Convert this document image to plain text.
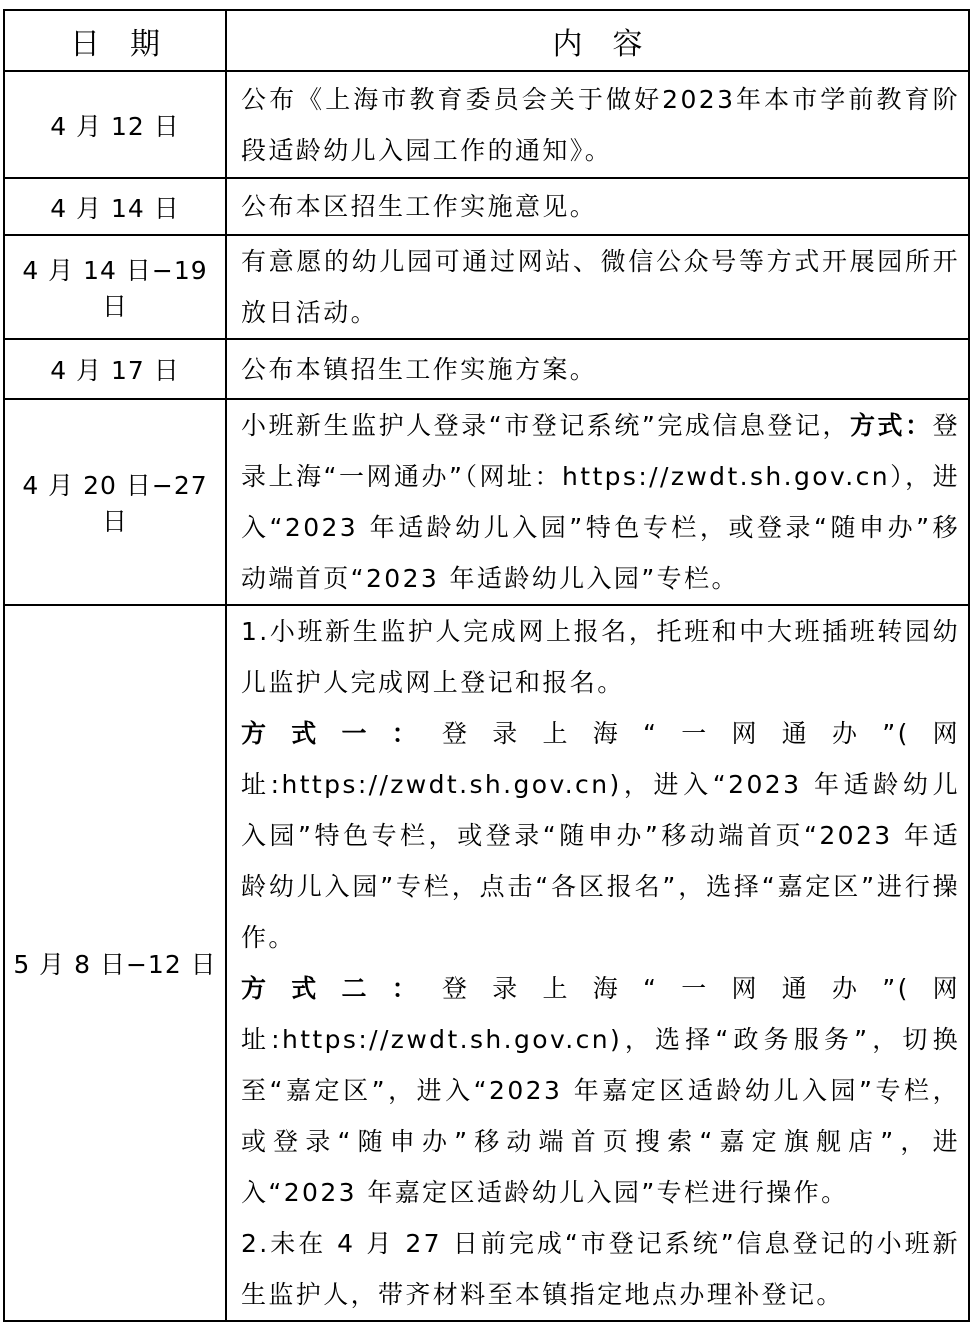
日期	内容
4 月 12 日	公布《上海市教育委员会关于做好2023年本市学前教育阶段适龄幼儿入园工作的通知》。
4 月 14 日	公布本区招生工作实施意见。
4 月 14 日−19 日	有意愿的幼儿园可通过网站、微信公众号等方式开展园所开放日活动。
4 月 17 日	公布本镇招生工作实施方案。
4 月 20 日−27 日	小班新生监护人登录“市登记系统”完成信息登记，方式：登录上海“一网通办”（网址：https://zwdt.sh.gov.cn），进入“2023 年适龄幼儿入园”特色专栏，或登录“随申办”移动端首页“2023 年适龄幼儿入园”专栏。
5 月 8 日−12 日	1.小班新生监护人完成网上报名，托班和中大班插班转园幼儿监护人完成网上登记和报名。
方式一：登录上海“一网通办”(网址:https://zwdt.sh.gov.cn)，进入“2023 年适龄幼儿入园”特色专栏，或登录“随申办”移动端首页“2023 年适龄幼儿入园”专栏，点击“各区报名”，选择“嘉定区”进行操作。
方式二：登录上海“一网通办”(网址:https://zwdt.sh.gov.cn)，选择“政务服务”，切换至“嘉定区”，进入“2023 年嘉定区适龄幼儿入园”专栏，或登录“随申办”移动端首页搜索“嘉定旗舰店”，进入“2023 年嘉定区适龄幼儿入园”专栏进行操作。
2.未在 4 月 27 日前完成“市登记系统”信息登记的小班新生监护人，带齐材料至本镇指定地点办理补登记。
